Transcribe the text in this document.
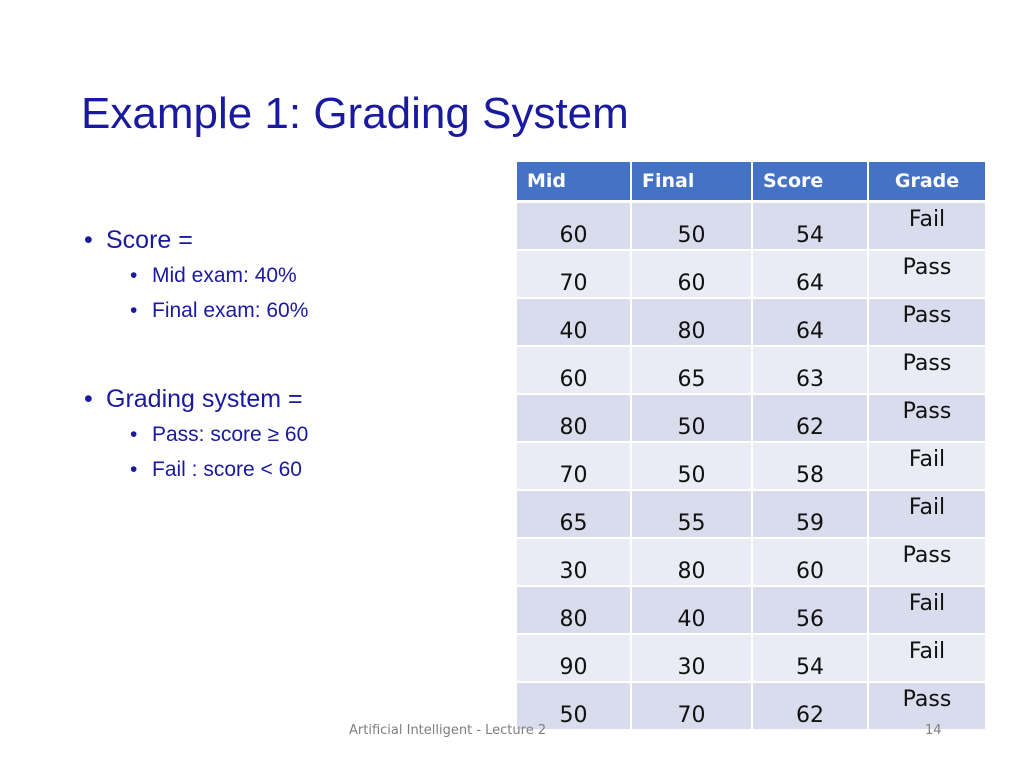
Example 1: Grading System
• Score =
• Mid exam: 40%
• Final exam: 60%
• Grading system =
• Pass: score ≥ 60
• Fail : score < 60
Mid	Final	Score	Grade
60	50	54	Fail
70	60	64	Pass
40	80	64	Pass
60	65	63	Pass
80	50	62	Pass
70	50	58	Fail
65	55	59	Fail
30	80	60	Pass
80	40	56	Fail
90	30	54	Fail
50	70	62	Pass
Artificial Intelligent - Lecture 2	14
